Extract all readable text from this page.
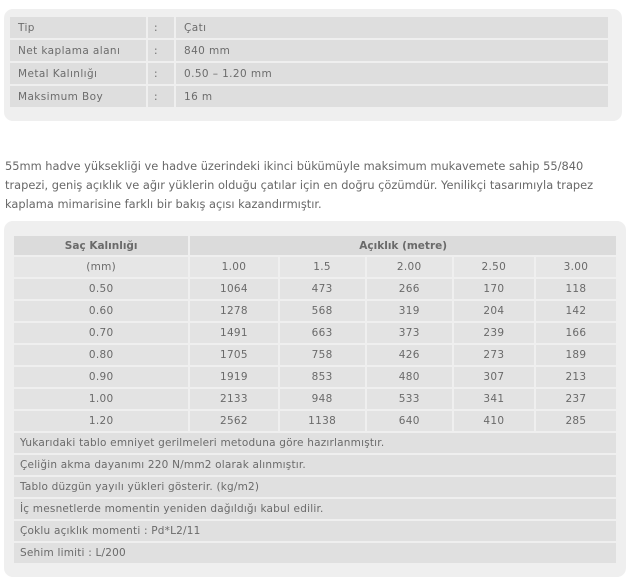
Tip	:	Çatı
Net kaplama alanı	:	840 mm
Metal Kalınlığı	:	0.50 – 1.20 mm
Maksimum Boy	:	16 m

55mm hadve yüksekliği ve hadve üzerindeki ikinci bükümüyle maksimum mukavemete sahip 55/840 trapezi, geniş açıklık ve ağır yüklerin olduğu çatılar için en doğru çözümdür. Yenilikçi tasarımıyla trapez kaplama mimarisine farklı bir bakış açısı kazandırmıştır.

Saç Kalınlığı	Açıklık (metre)				
(mm)	1.00	1.5	2.00	2.50	3.00
0.50	1064	473	266	170	118
0.60	1278	568	319	204	142
0.70	1491	663	373	239	166
0.80	1705	758	426	273	189
0.90	1919	853	480	307	213
1.00	2133	948	533	341	237
1.20	2562	1138	640	410	285
Yukarıdaki tablo emniyet gerilmeleri metoduna göre hazırlanmıştır.					
Çeliğin akma dayanımı 220 N/mm2 olarak alınmıştır.					
Tablo düzgün yayılı yükleri gösterir. (kg/m2)					
İç mesnetlerde momentin yeniden dağıldığı kabul edilir.					
Çoklu açıklık momenti : Pd*L2/11					
Sehim limiti : L/200					
